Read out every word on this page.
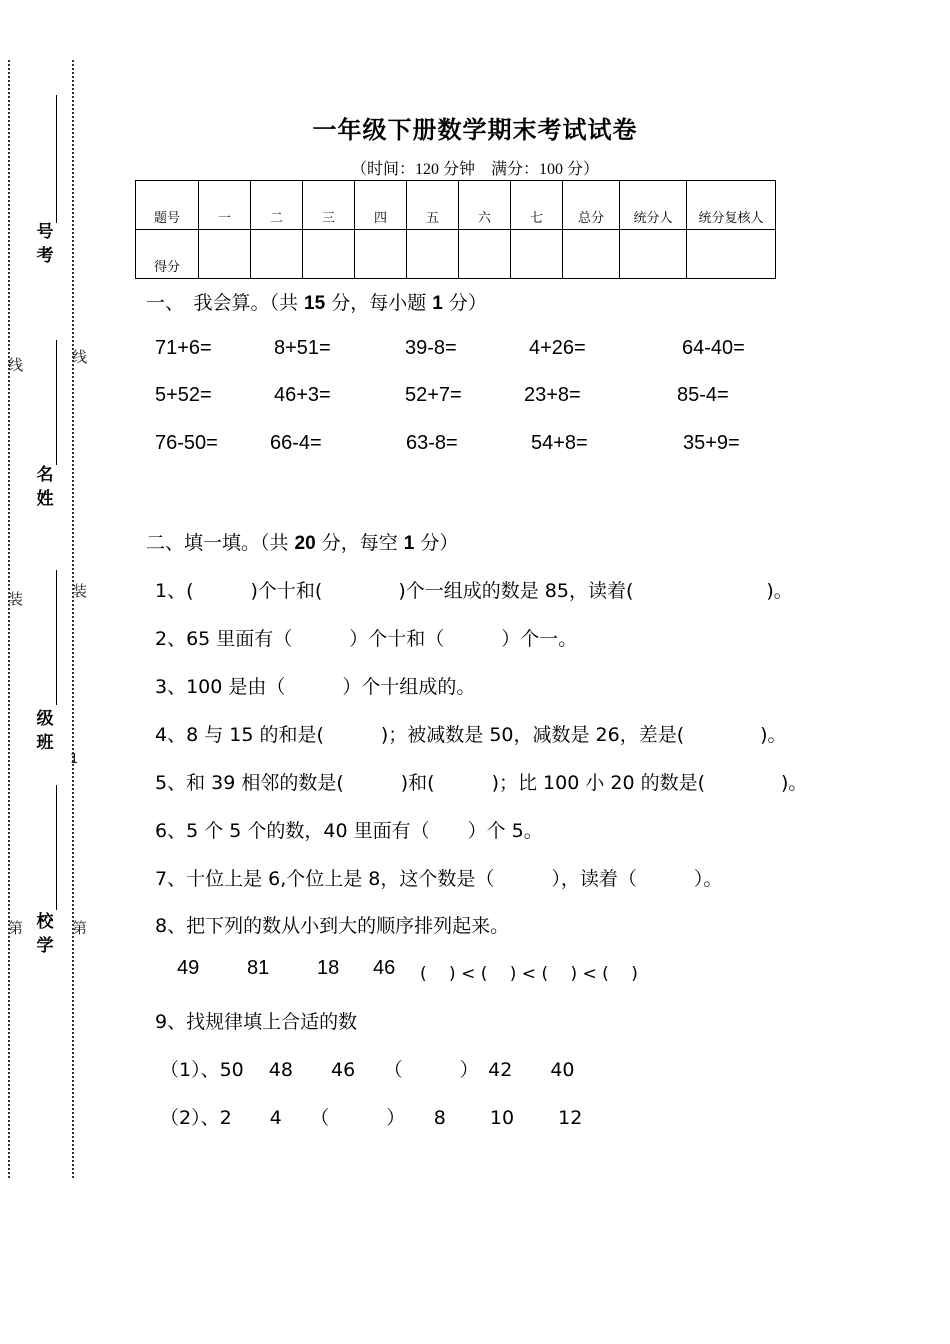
线
装
第
线
装
1
第
号考
名姓
级班
校学
一年级下册数学期末考试试卷
（时间：120 分钟　满分：100 分）
题号	一	二	三	四	五	六	七	总分	统分人	统分复核人
得分										
一、　我会算。（共 15 分，每小题 1 分）
71+6=	8+51=	39-8=	4+26=	64-40=
5+52=	46+3=	52+7=	23+8=	85-4=
76-50=	66-4=	63-8=	54+8=	35+9=
二、填一填。（共 20 分，每空 1 分）
1、(　　　)个十和(　　　　)个一组成的数是 85，读着(　　　　　　　)。
2、65 里面有（　　　）个十和（　　　）个一。
3、100 是由（　　　）个十组成的。
4、8 与 15 的和是(　　　)；被减数是 50，减数是 26，差是(　　　　)。
5、和 39 相邻的数是(　　　)和(　　　)；比 100 小 20 的数是(　　　　)。
6、5 个 5 个的数，40 里面有（　　）个 5。
7、十位上是 6,个位上是 8，这个数是（　　　），读着（　　　）。
8、把下列的数从小到大的顺序排列起来。
49 81 18 46 (　 ) < (　 ) < (　 ) < (　 )
9、找规律填上合适的数
（1）、50　 48　　46　　（　　　）　42　　40
（2）、2　　4　　（　　　）　　8　　 10　　 12
